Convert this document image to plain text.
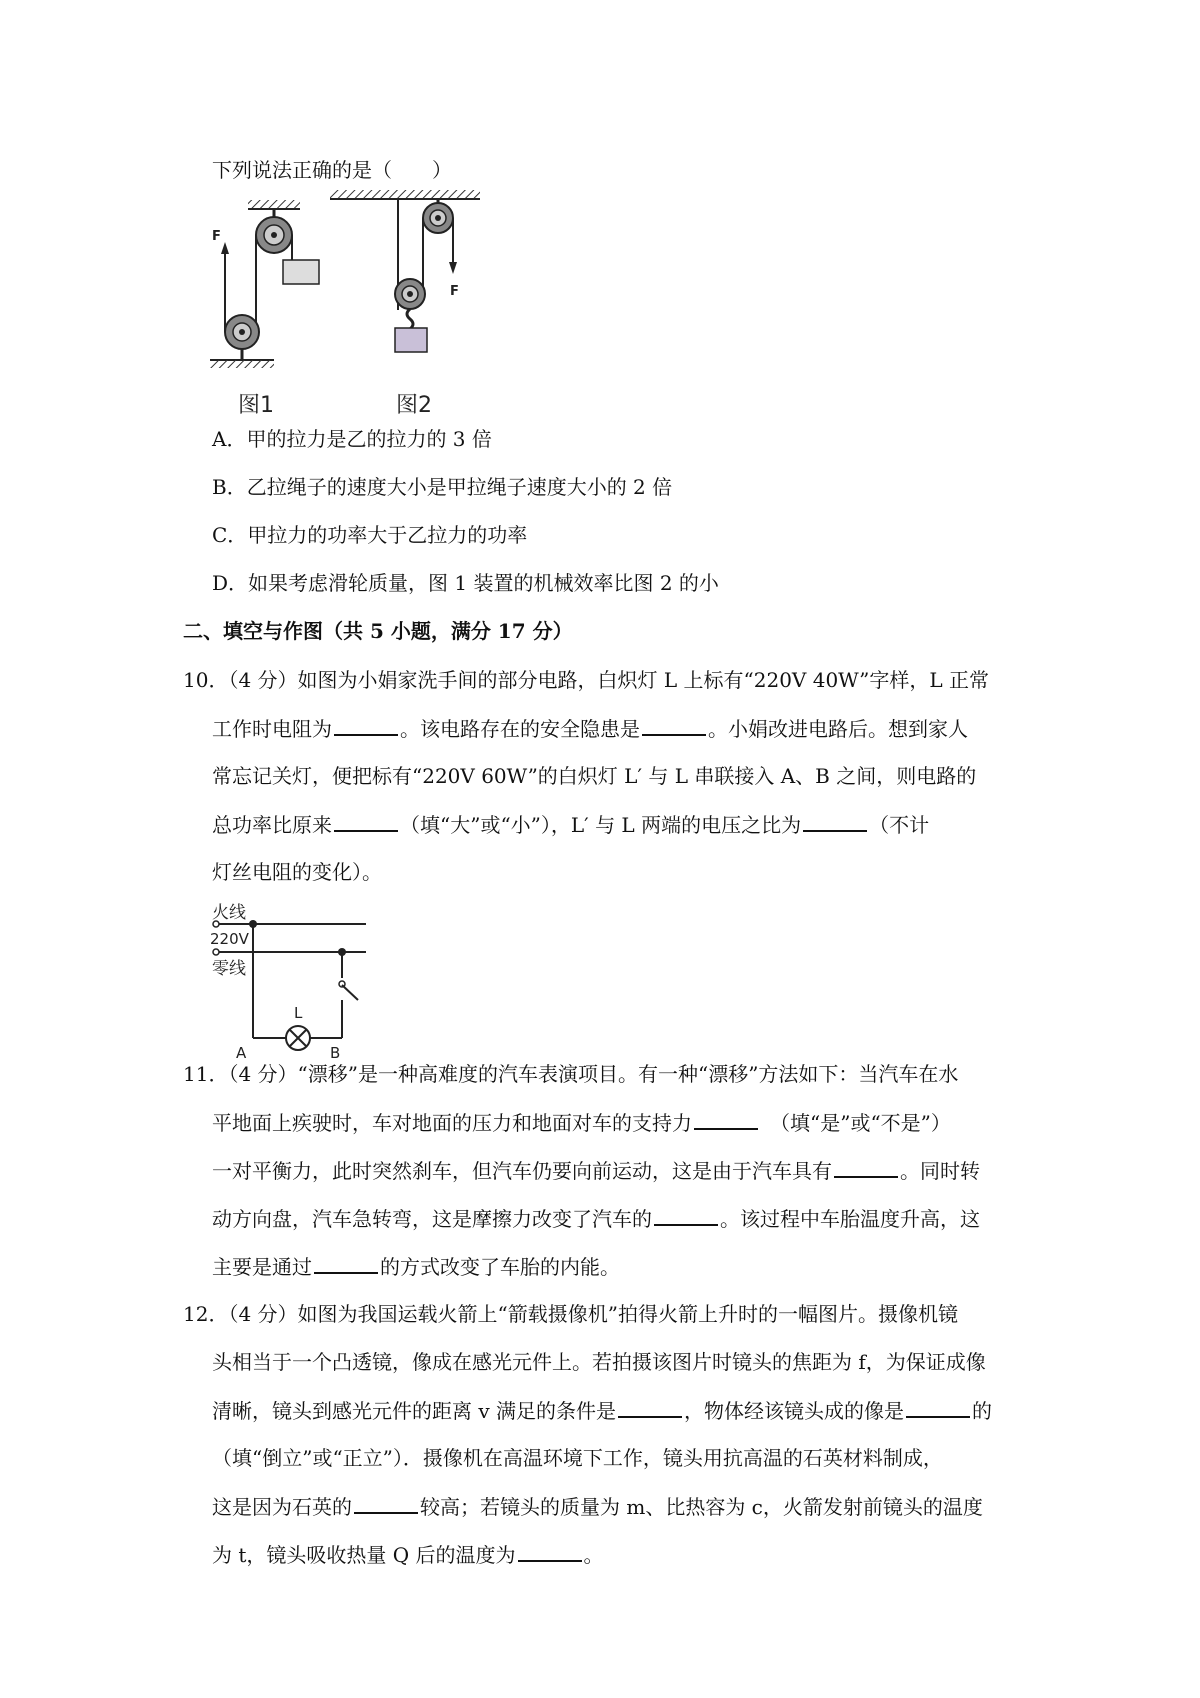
下列说法正确的是（　　）
F
图1
F
图2
A．甲的拉力是乙的拉力的 3 倍
B．乙拉绳子的速度大小是甲拉绳子速度大小的 2 倍
C．甲拉力的功率大于乙拉力的功率
D．如果考虑滑轮质量，图 1 装置的机械效率比图 2 的小
二、填空与作图（共 5 小题，满分 17 分）
10．（4 分）如图为小娟家洗手间的部分电路，白炽灯 L 上标有“220V 40W”字样，L 正常
工作时电阻为	。该电路存在的安全隐患是	。小娟改进电路后。想到家人
常忘记关灯，便把标有“220V 60W”的白炽灯 L′ 与 L 串联接入 A、B 之间，则电路的
总功率比原来	（填“大”或“小”），L′ 与 L 两端的电压之比为	（不计
灯丝电阻的变化）。
火线
220V
零线
L
A	B
11．（4 分）“漂移”是一种高难度的汽车表演项目。有一种“漂移”方法如下：当汽车在水
平地面上疾驶时，车对地面的压力和地面对车的支持力　	（填“是”或“不是”）
一对平衡力，此时突然刹车，但汽车仍要向前运动，这是由于汽车具有	。同时转
动方向盘，汽车急转弯，这是摩擦力改变了汽车的	。该过程中车胎温度升高，这
主要是通过	的方式改变了车胎的内能。
12．（4 分）如图为我国运载火箭上“箭载摄像机”拍得火箭上升时的一幅图片。摄像机镜
头相当于一个凸透镜，像成在感光元件上。若拍摄该图片时镜头的焦距为 f，为保证成像
清晰，镜头到感光元件的距离 v 满足的条件是	，物体经该镜头成的像是	的
（填“倒立”或“正立”）．摄像机在高温环境下工作，镜头用抗高温的石英材料制成，
这是因为石英的	较高；若镜头的质量为 m、比热容为 c，火箭发射前镜头的温度
为 t，镜头吸收热量 Q 后的温度为	。
